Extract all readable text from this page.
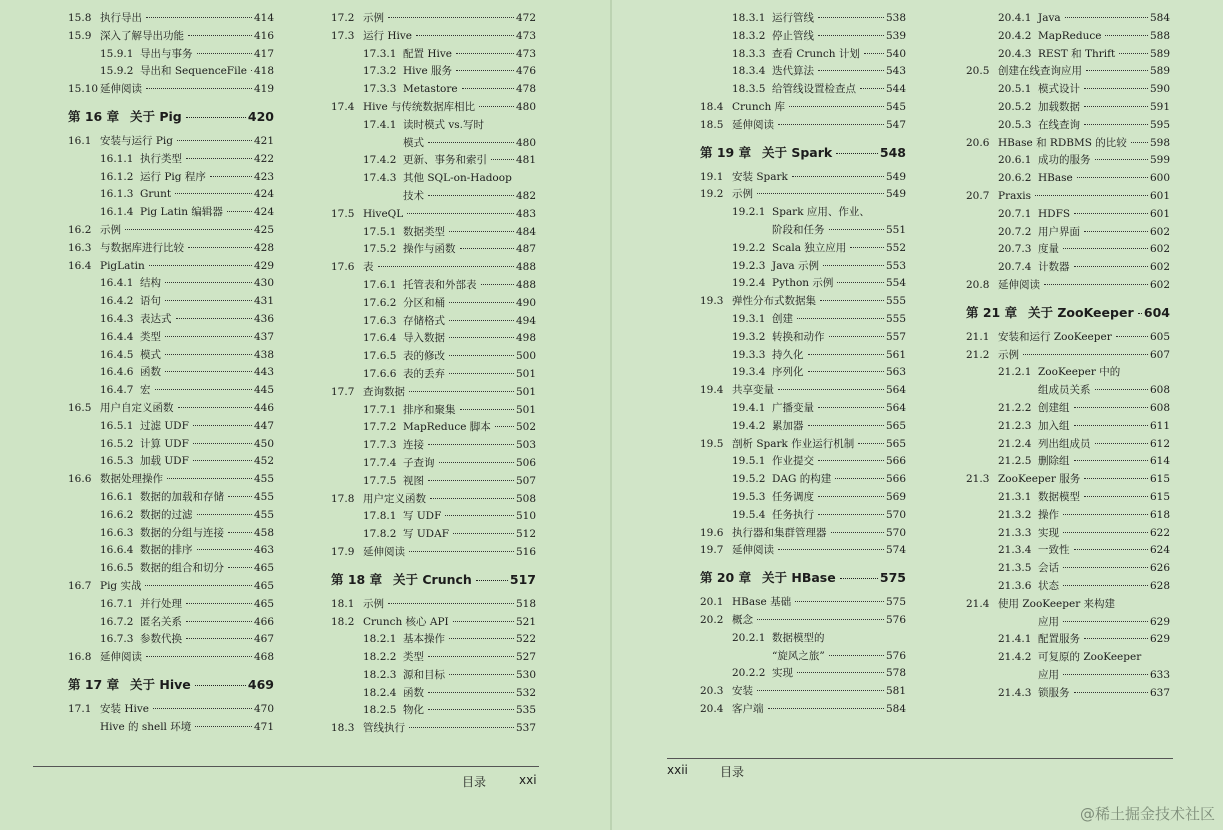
15.8 执行导出	414
15.9 深入了解导出功能	416
15.9.1 导出与事务	417
15.9.2 导出和 SequenceFile 418
15.10 延伸阅读	419
第 16 章 关于 Pig	420
16.1 安装与运行 Pig	421
16.1.1 执行类型	422
16.1.2 运行 Pig 程序	423
16.1.3 Grunt	424
16.1.4 Pig Latin 编辑器	424
16.2 示例	425
16.3 与数据库进行比较	428
16.4 PigLatin	429
16.4.1 结构	430
16.4.2 语句	431
16.4.3 表达式	436
16.4.4 类型	437
16.4.5 模式	438
16.4.6 函数	443
16.4.7 宏	445
16.5 用户自定义函数	446
16.5.1 过滤 UDF	447
16.5.2 计算 UDF	450
16.5.3 加载 UDF	452
16.6 数据处理操作	455
16.6.1 数据的加载和存储	455
16.6.2 数据的过滤	455
16.6.3 数据的分组与连接	458
16.6.4 数据的排序	463
16.6.5 数据的组合和切分	465
16.7 Pig 实战	465
16.7.1 并行处理	465
16.7.2 匿名关系	466
16.7.3 参数代换	467
16.8 延伸阅读	468
第 17 章 关于 Hive	469
17.1 安装 Hive	470
Hive 的 shell 环境	471
17.2 示例	472
17.3 运行 Hive	473
17.3.1 配置 Hive	473
17.3.2 Hive 服务	476
17.3.3 Metastore	478
17.4 Hive 与传统数据库相比	480
17.4.1 读时模式 vs.写时
模式	480
17.4.2 更新、事务和索引	481
17.4.3 其他 SQL-on-Hadoop
技术	482
17.5 HiveQL	483
17.5.1 数据类型	484
17.5.2 操作与函数	487
17.6 表	488
17.6.1 托管表和外部表	488
17.6.2 分区和桶	490
17.6.3 存储格式	494
17.6.4 导入数据	498
17.6.5 表的修改	500
17.6.6 表的丢弃	501
17.7 查询数据	501
17.7.1 排序和聚集	501
17.7.2 MapReduce 脚本 502
17.7.3 连接	503
17.7.4 子查询	506
17.7.5 视图	507
17.8 用户定义函数	508
17.8.1 写 UDF	510
17.8.2 写 UDAF	512
17.9 延伸阅读	516
第 18 章 关于 Crunch	517
18.1 示例	518
18.2 Crunch 核心 API	521
18.2.1 基本操作	522
18.2.2 类型	527
18.2.3 源和目标	530
18.2.4 函数	532
18.2.5 物化	535
18.3 管线执行	537
18.3.1 运行管线	538
18.3.2 停止管线	539
18.3.3 查看 Crunch 计划 540
18.3.4 迭代算法	543
18.3.5 给管线设置检查点	544
18.4 Crunch 库	545
18.5 延伸阅读	547
第 19 章 关于 Spark	548
19.1 安装 Spark	549
19.2 示例	549
19.2.1 Spark 应用、作业、
阶段和任务	551
19.2.2 Scala 独立应用	552
19.2.3 Java 示例	553
19.2.4 Python 示例	554
19.3 弹性分布式数据集	555
19.3.1 创建	555
19.3.2 转换和动作	557
19.3.3 持久化	561
19.3.4 序列化	563
19.4 共享变量	564
19.4.1 广播变量	564
19.4.2 累加器	565
19.5 剖析 Spark 作业运行机制	565
19.5.1 作业提交	566
19.5.2 DAG 的构建	566
19.5.3 任务调度	569
19.5.4 任务执行	570
19.6 执行器和集群管理器	570
19.7 延伸阅读	574
第 20 章 关于 HBase	575
20.1 HBase 基础	575
20.2 概念	576
20.2.1 数据模型的
“旋风之旅”	576
20.2.2 实现	578
20.3 安装	581
20.4 客户端	584
20.4.1 Java	584
20.4.2 MapReduce	588
20.4.3 REST 和 Thrift	589
20.5 创建在线查询应用	589
20.5.1 模式设计	590
20.5.2 加载数据	591
20.5.3 在线查询	595
20.6 HBase 和 RDBMS 的比较 598
20.6.1 成功的服务	599
20.6.2 HBase	600
20.7 Praxis	601
20.7.1 HDFS	601
20.7.2 用户界面	602
20.7.3 度量	602
20.7.4 计数器	602
20.8 延伸阅读	602
第 21 章 关于 ZooKeeper 604
21.1 安装和运行 ZooKeeper	605
21.2 示例	607
21.2.1 ZooKeeper 中的
组成员关系	608
21.2.2 创建组	608
21.2.3 加入组	611
21.2.4 列出组成员	612
21.2.5 删除组	614
21.3 ZooKeeper 服务	615
21.3.1 数据模型	615
21.3.2 操作	618
21.3.3 实现	622
21.3.4 一致性	624
21.3.5 会话	626
21.3.6 状态	628
21.4 使用 ZooKeeper 来构建
应用	629
21.4.1 配置服务	629
21.4.2 可复原的 ZooKeeper
应用	633
21.4.3 锁服务	637
目录	xxi
xxii	目录
@稀土掘金技术社区
